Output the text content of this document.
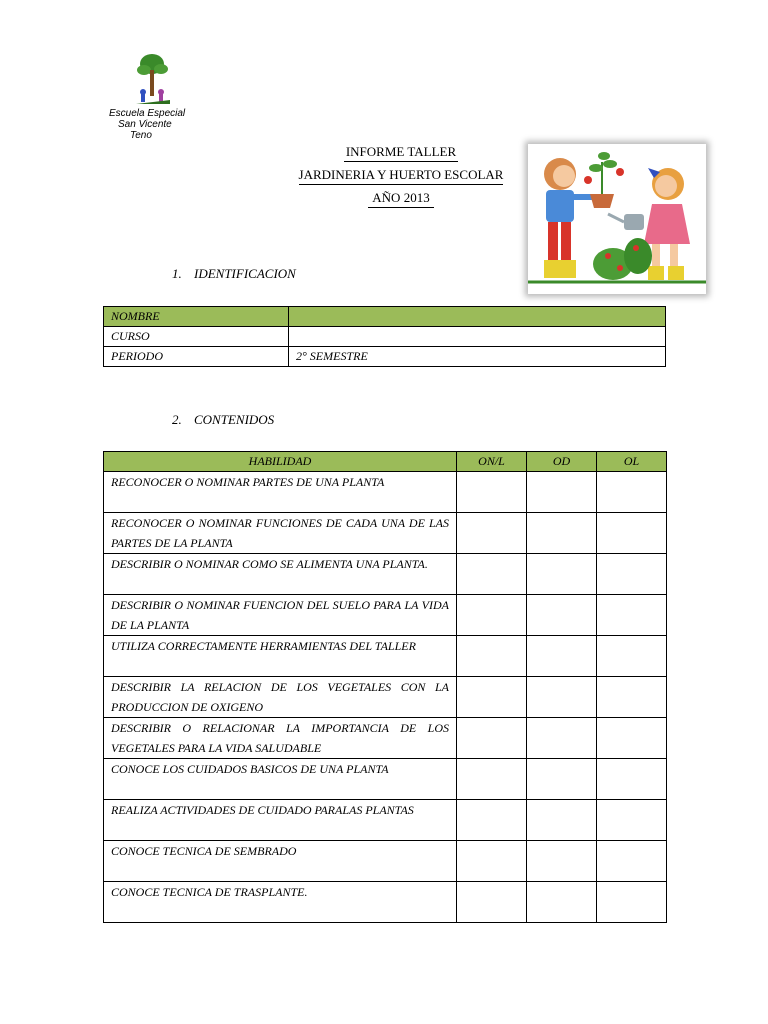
Escuela Especial
San Vicente
Teno
INFORME TALLER
JARDINERIA Y HUERTO ESCOLAR
AÑO 2013
1. IDENTIFICACION
NOMBRE	
CURSO	
PERIODO	2° SEMESTRE
2. CONTENIDOS
HABILIDAD	ON/L	OD	OL
RECONOCER O NOMINAR PARTES DE UNA PLANTA			
RECONOCER O NOMINAR FUNCIONES DE CADA UNA DE LAS PARTES DE LA PLANTA			
DESCRIBIR O NOMINAR COMO SE ALIMENTA UNA PLANTA.			
DESCRIBIR O NOMINAR FUENCION DEL SUELO PARA LA VIDA DE LA PLANTA			
UTILIZA CORRECTAMENTE HERRAMIENTAS DEL TALLER			
DESCRIBIR LA RELACION DE LOS VEGETALES CON LA PRODUCCION DE OXIGENO			
DESCRIBIR O RELACIONAR LA IMPORTANCIA DE LOS VEGETALES PARA LA VIDA SALUDABLE			
CONOCE LOS CUIDADOS BASICOS DE UNA PLANTA			
REALIZA ACTIVIDADES DE CUIDADO PARALAS PLANTAS			
CONOCE TECNICA DE SEMBRADO			
CONOCE TECNICA DE TRASPLANTE.			
